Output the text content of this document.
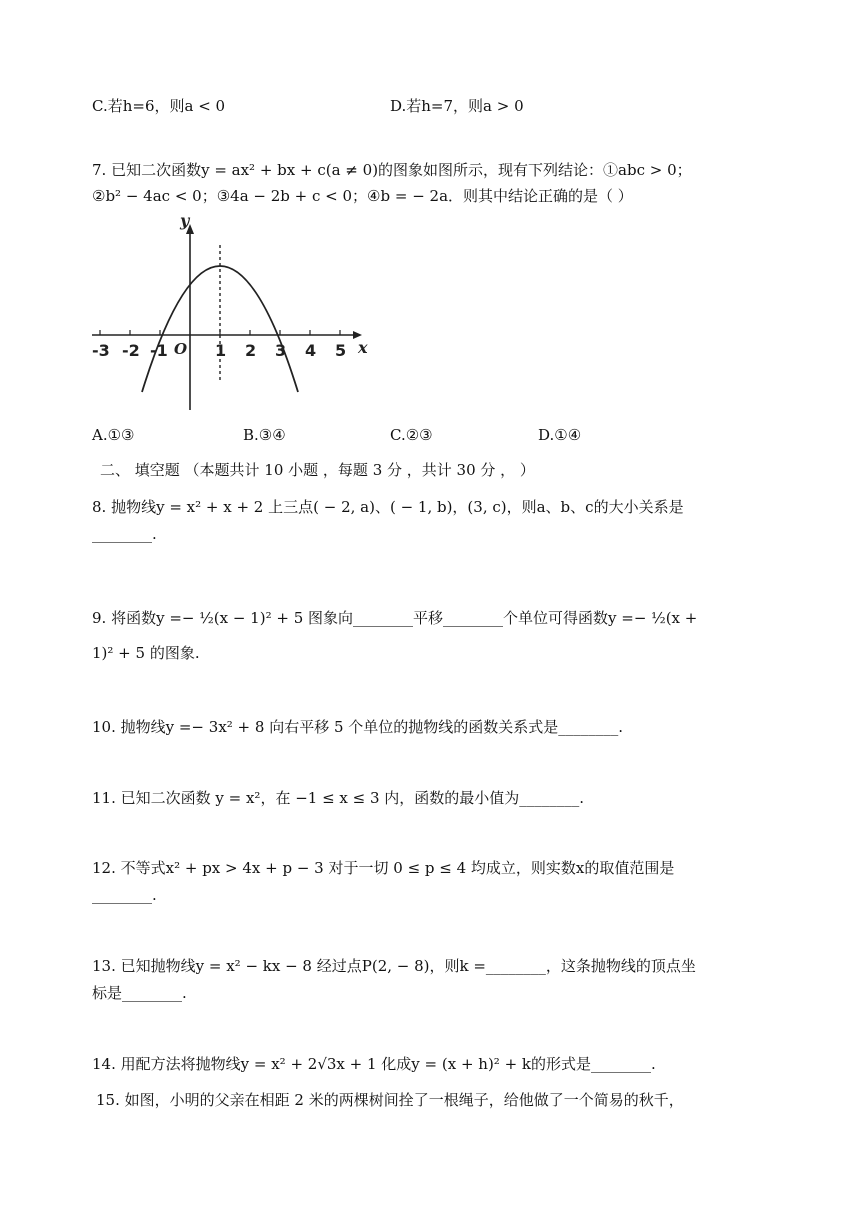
C.若h=6，则a < 0	D.若h=7，则a > 0
7. 已知二次函数y = ax² + bx + c(a ≠ 0)的图象如图所示，现有下列结论：①abc > 0；
②b² − 4ac < 0；③4a − 2b + c < 0；④b = − 2a．则其中结论正确的是（ ）
y
x
O
-3 -2 -1	1 2 3 4 5
A.①③	B.③④	C.②③	D.①④
二、 填空题 （本题共计 10 小题 ，每题 3 分 ，共计 30 分 ， ）
8. 抛物线y = x² + x + 2 上三点( − 2, a)、( − 1, b)，(3, c)，则a、b、c的大小关系是
________.
9. 将函数y =− ½(x − 1)² + 5 图象向________平移________个单位可得函数y =− ½(x +
1)² + 5 的图象.
10. 抛物线y =− 3x² + 8 向右平移 5 个单位的抛物线的函数关系式是________.
11. 已知二次函数 y = x²，在 −1 ≤ x ≤ 3 内，函数的最小值为________.
12. 不等式x² + px > 4x + p − 3 对于一切 0 ≤ p ≤ 4 均成立，则实数x的取值范围是
________.
13. 已知抛物线y = x² − kx − 8 经过点P(2, − 8)，则k =________，这条抛物线的顶点坐
标是________.
14. 用配方法将抛物线y = x² + 2√3x + 1 化成y = (x + h)² + k的形式是________.
15. 如图，小明的父亲在相距 2 米的两棵树间拴了一根绳子，给他做了一个简易的秋千，
